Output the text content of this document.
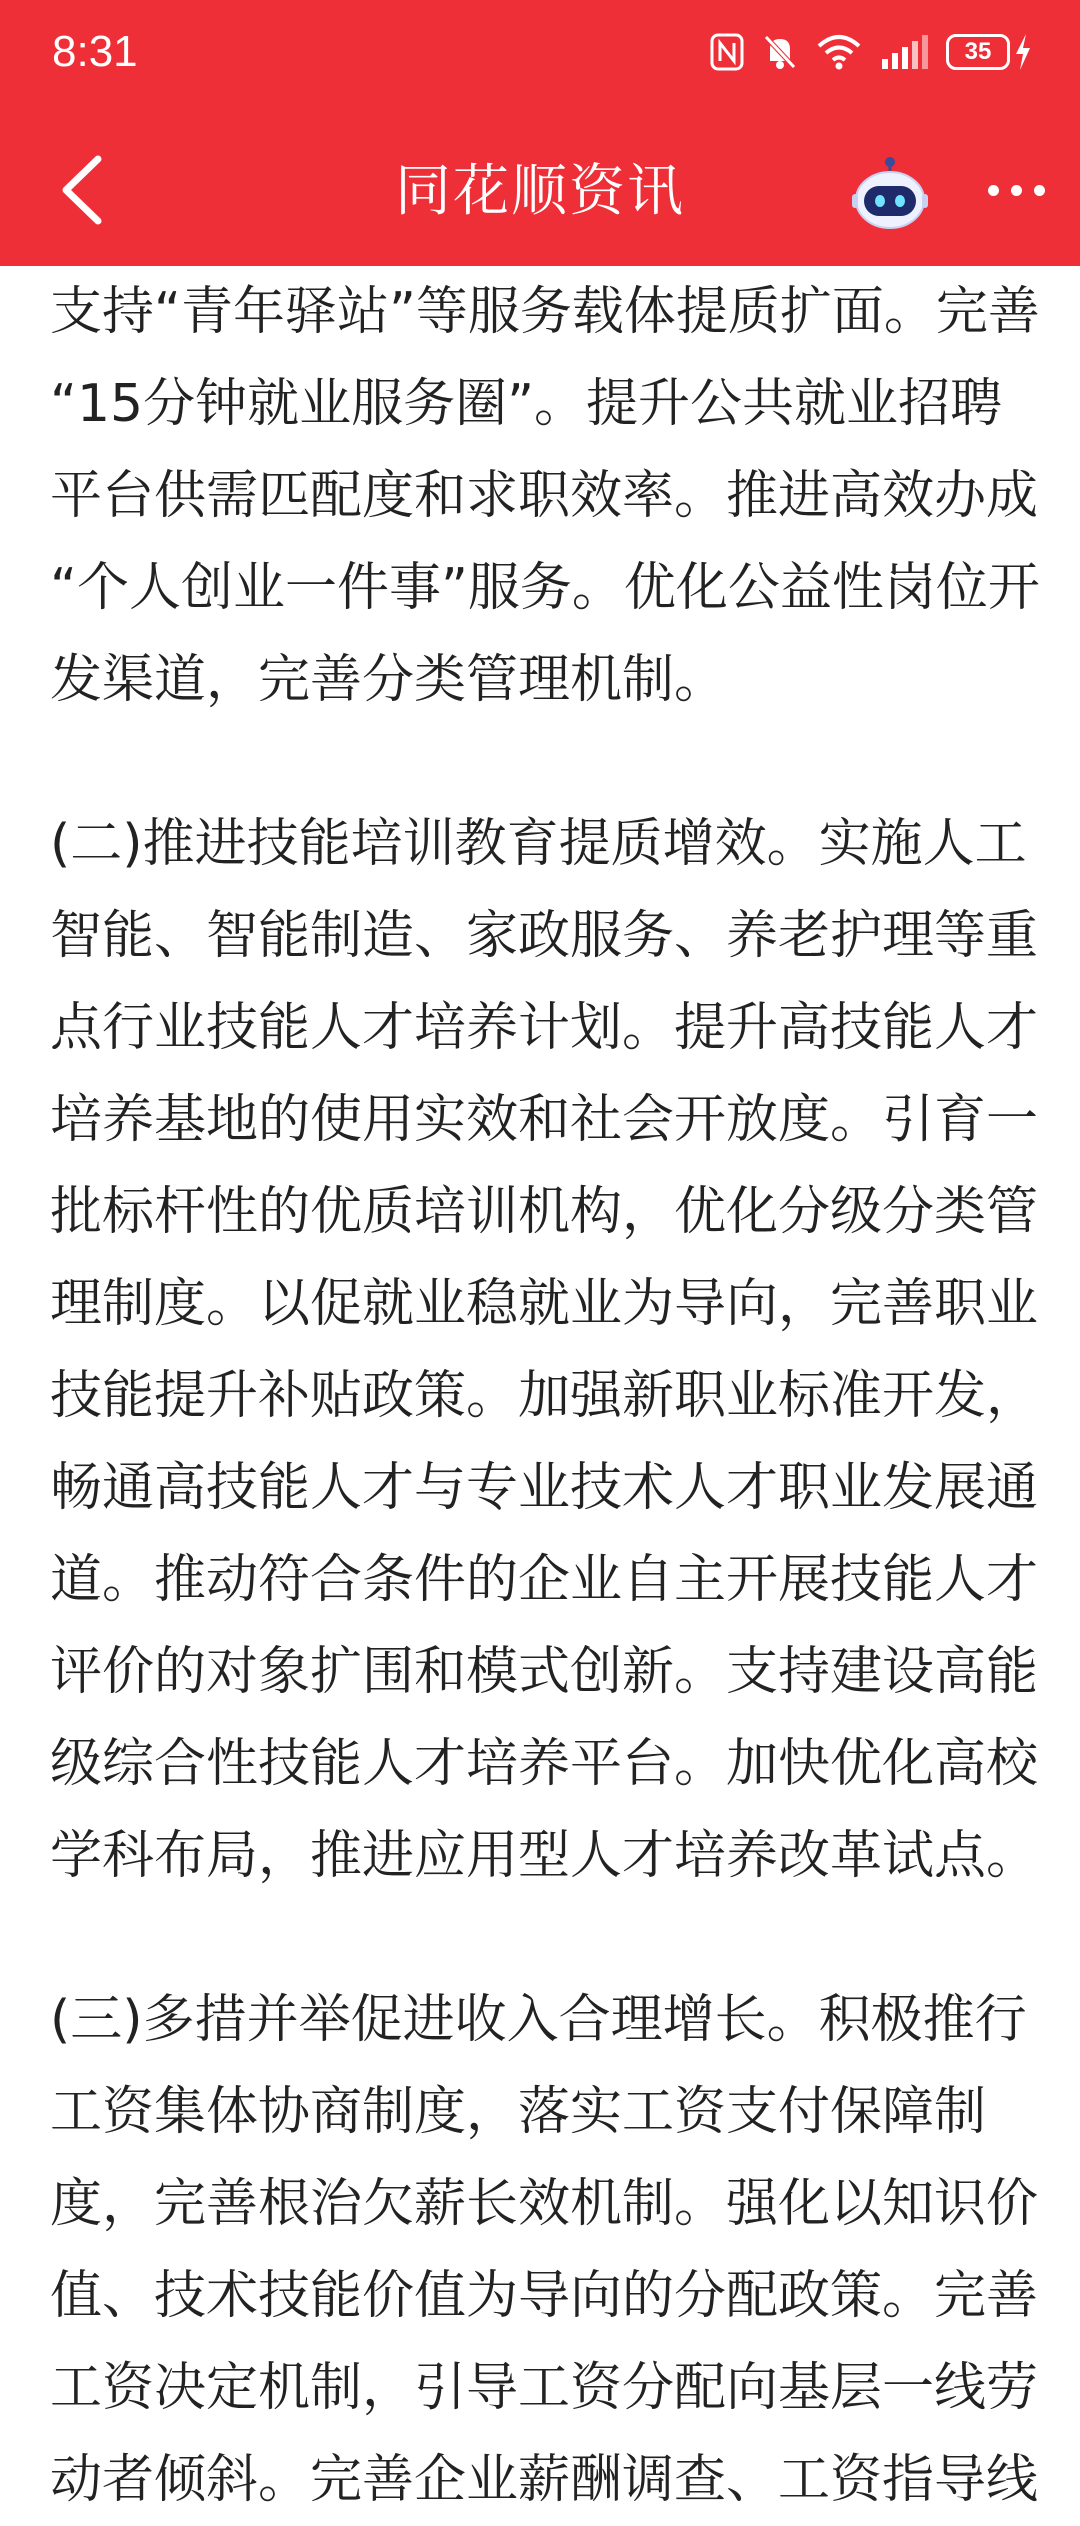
8:31	35
同花顺资讯
支持“青年驿站”等服务载体提质扩面。完善
“15分钟就业服务圈”。提升公共就业招聘
平台供需匹配度和求职效率。推进高效办成
“个人创业一件事”服务。优化公益性岗位开
发渠道，完善分类管理机制。
(二)推进技能培训教育提质增效。实施人工
智能、智能制造、家政服务、养老护理等重
点行业技能人才培养计划。提升高技能人才
培养基地的使用实效和社会开放度。引育一
批标杆性的优质培训机构，优化分级分类管
理制度。以促就业稳就业为导向，完善职业
技能提升补贴政策。加强新职业标准开发，
畅通高技能人才与专业技术人才职业发展通
道。推动符合条件的企业自主开展技能人才
评价的对象扩围和模式创新。支持建设高能
级综合性技能人才培养平台。加快优化高校
学科布局，推进应用型人才培养改革试点。
(三)多措并举促进收入合理增长。积极推行
工资集体协商制度，落实工资支付保障制
度，完善根治欠薪长效机制。强化以知识价
值、技术技能价值为导向的分配政策。完善
工资决定机制，引导工资分配向基层一线劳
动者倾斜。完善企业薪酬调查、工资指导线
